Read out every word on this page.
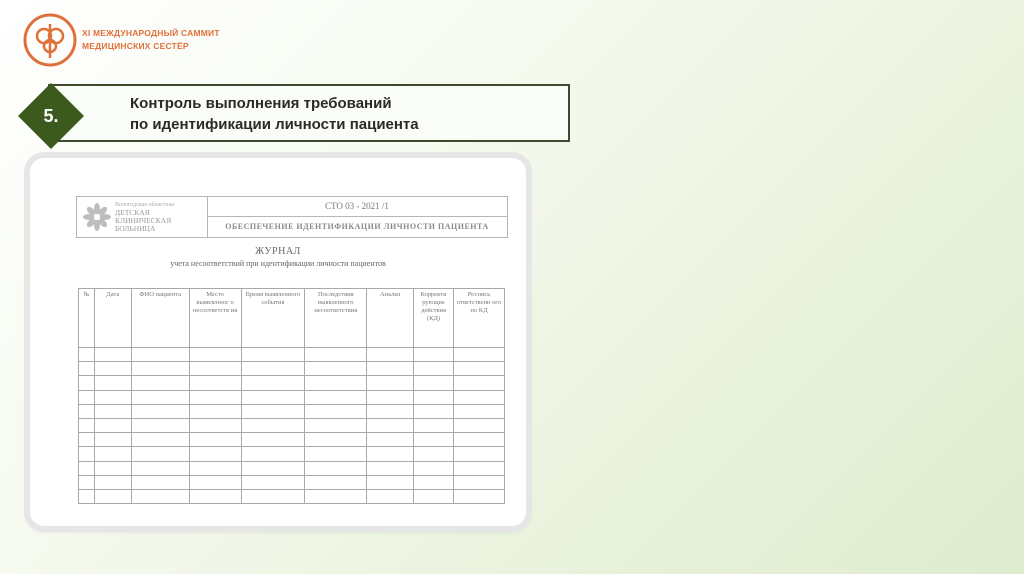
XI МЕЖДУНАРОДНЫЙ САММИТ
МЕДИЦИНСКИХ СЕСТЁР
5.
Контроль выполнения требований
по идентификации личности пациента
Вологодская областная
ДЕТСКАЯ КЛИНИЧЕСКАЯ
БОЛЬНИЦА
СТО 03 - 2021 /1
ОБЕСПЕЧЕНИЕ ИДЕНТИФИКАЦИИ ЛИЧНОСТИ ПАЦИЕНТА
ЖУРНАЛ
учета несоответствий при идентификации личности пациентов
№	Дата	ФИО пациента	Место выявленног о несоответств ия	Время выявленного события	Последствия выявленного несоответствия	Анализ	Корректи рующие действия (КД)	Роспись ответственн ого по КД
